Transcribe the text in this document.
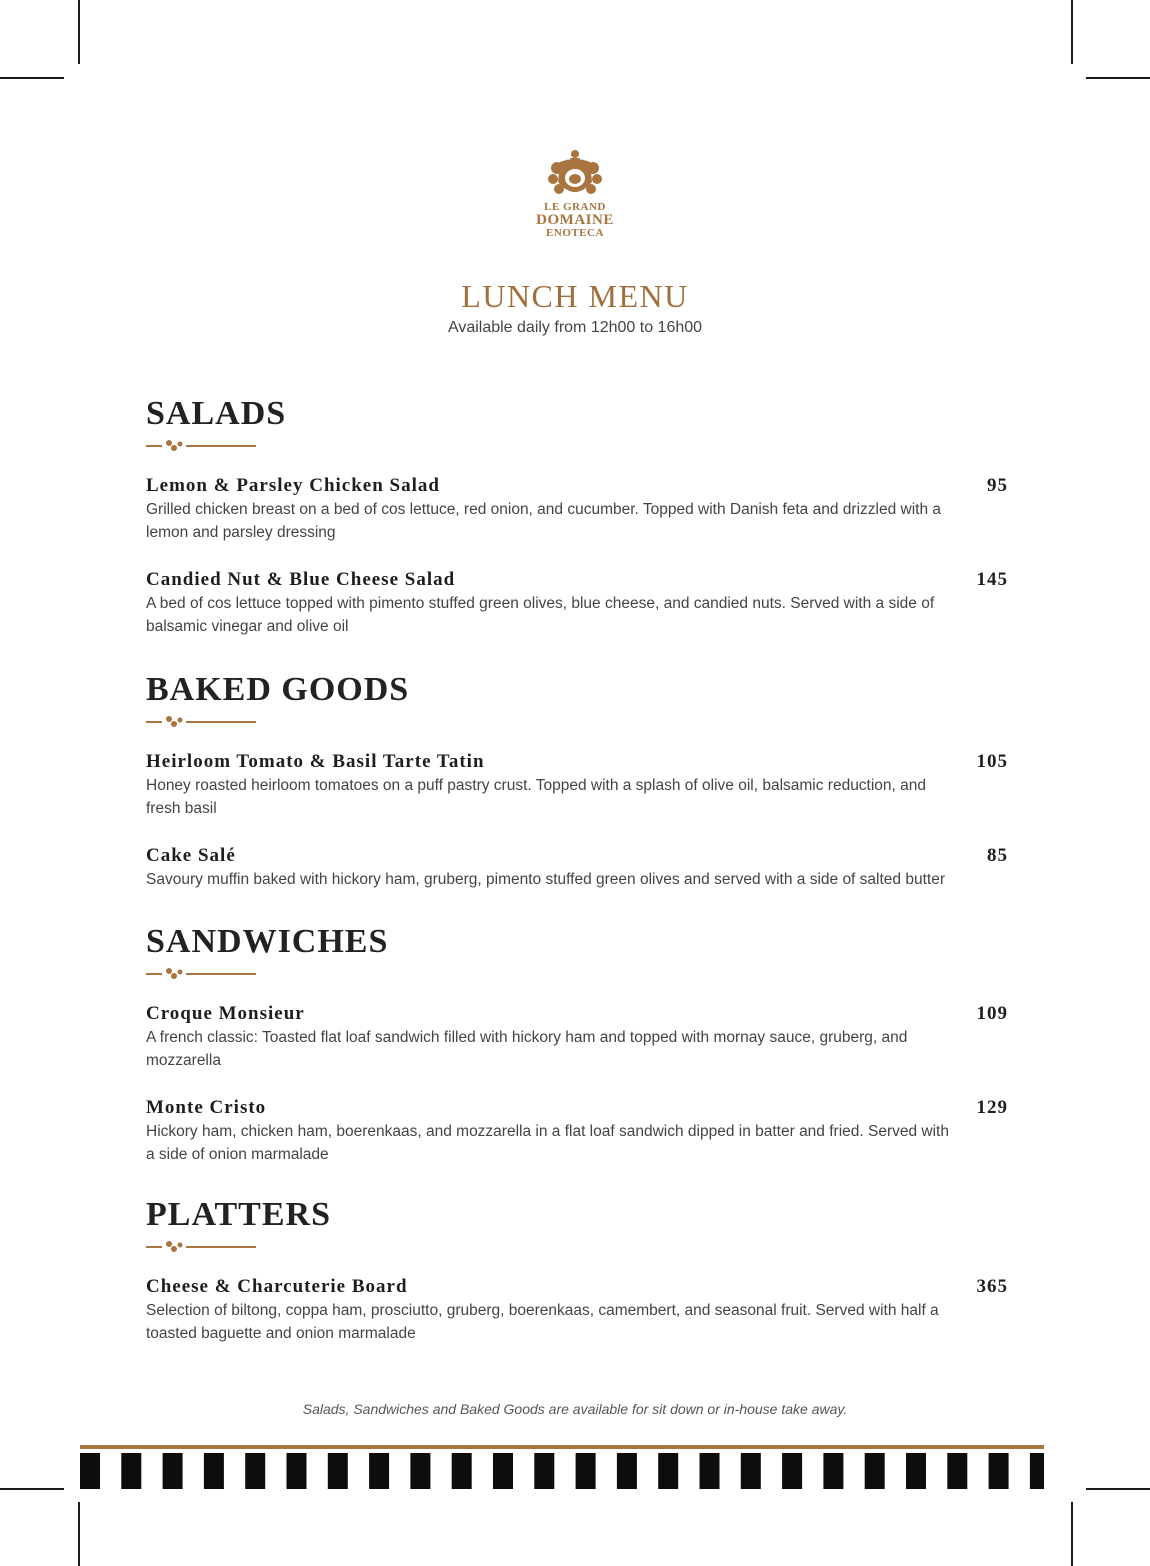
LE GRAND
DOMAINE
ENOTECA
LUNCH MENU
Available daily from 12h00 to 16h00
SALADS
Lemon & Parsley Chicken Salad	95
Grilled chicken breast on a bed of cos lettuce, red onion, and cucumber. Topped with Danish feta and drizzled with a lemon and parsley dressing
Candied Nut & Blue Cheese Salad	145
A bed of cos lettuce topped with pimento stuffed green olives, blue cheese, and candied nuts. Served with a side of balsamic vinegar and olive oil
BAKED GOODS
Heirloom Tomato & Basil Tarte Tatin	105
Honey roasted heirloom tomatoes on a puff pastry crust. Topped with a splash of olive oil, balsamic reduction, and fresh basil
Cake Salé	85
Savoury muffin baked with hickory ham, gruberg, pimento stuffed green olives and served with a side of salted butter
SANDWICHES
Croque Monsieur	109
A french classic: Toasted flat loaf sandwich filled with hickory ham and topped with mornay sauce, gruberg, and mozzarella
Monte Cristo	129
Hickory ham, chicken ham, boerenkaas, and mozzarella in a flat loaf sandwich dipped in batter and fried. Served with a side of onion marmalade
PLATTERS
Cheese & Charcuterie Board	365
Selection of biltong, coppa ham, prosciutto, gruberg, boerenkaas, camembert, and seasonal fruit. Served with half a toasted baguette and onion marmalade
Salads, Sandwiches and Baked Goods are available for sit down or in-house take away.
